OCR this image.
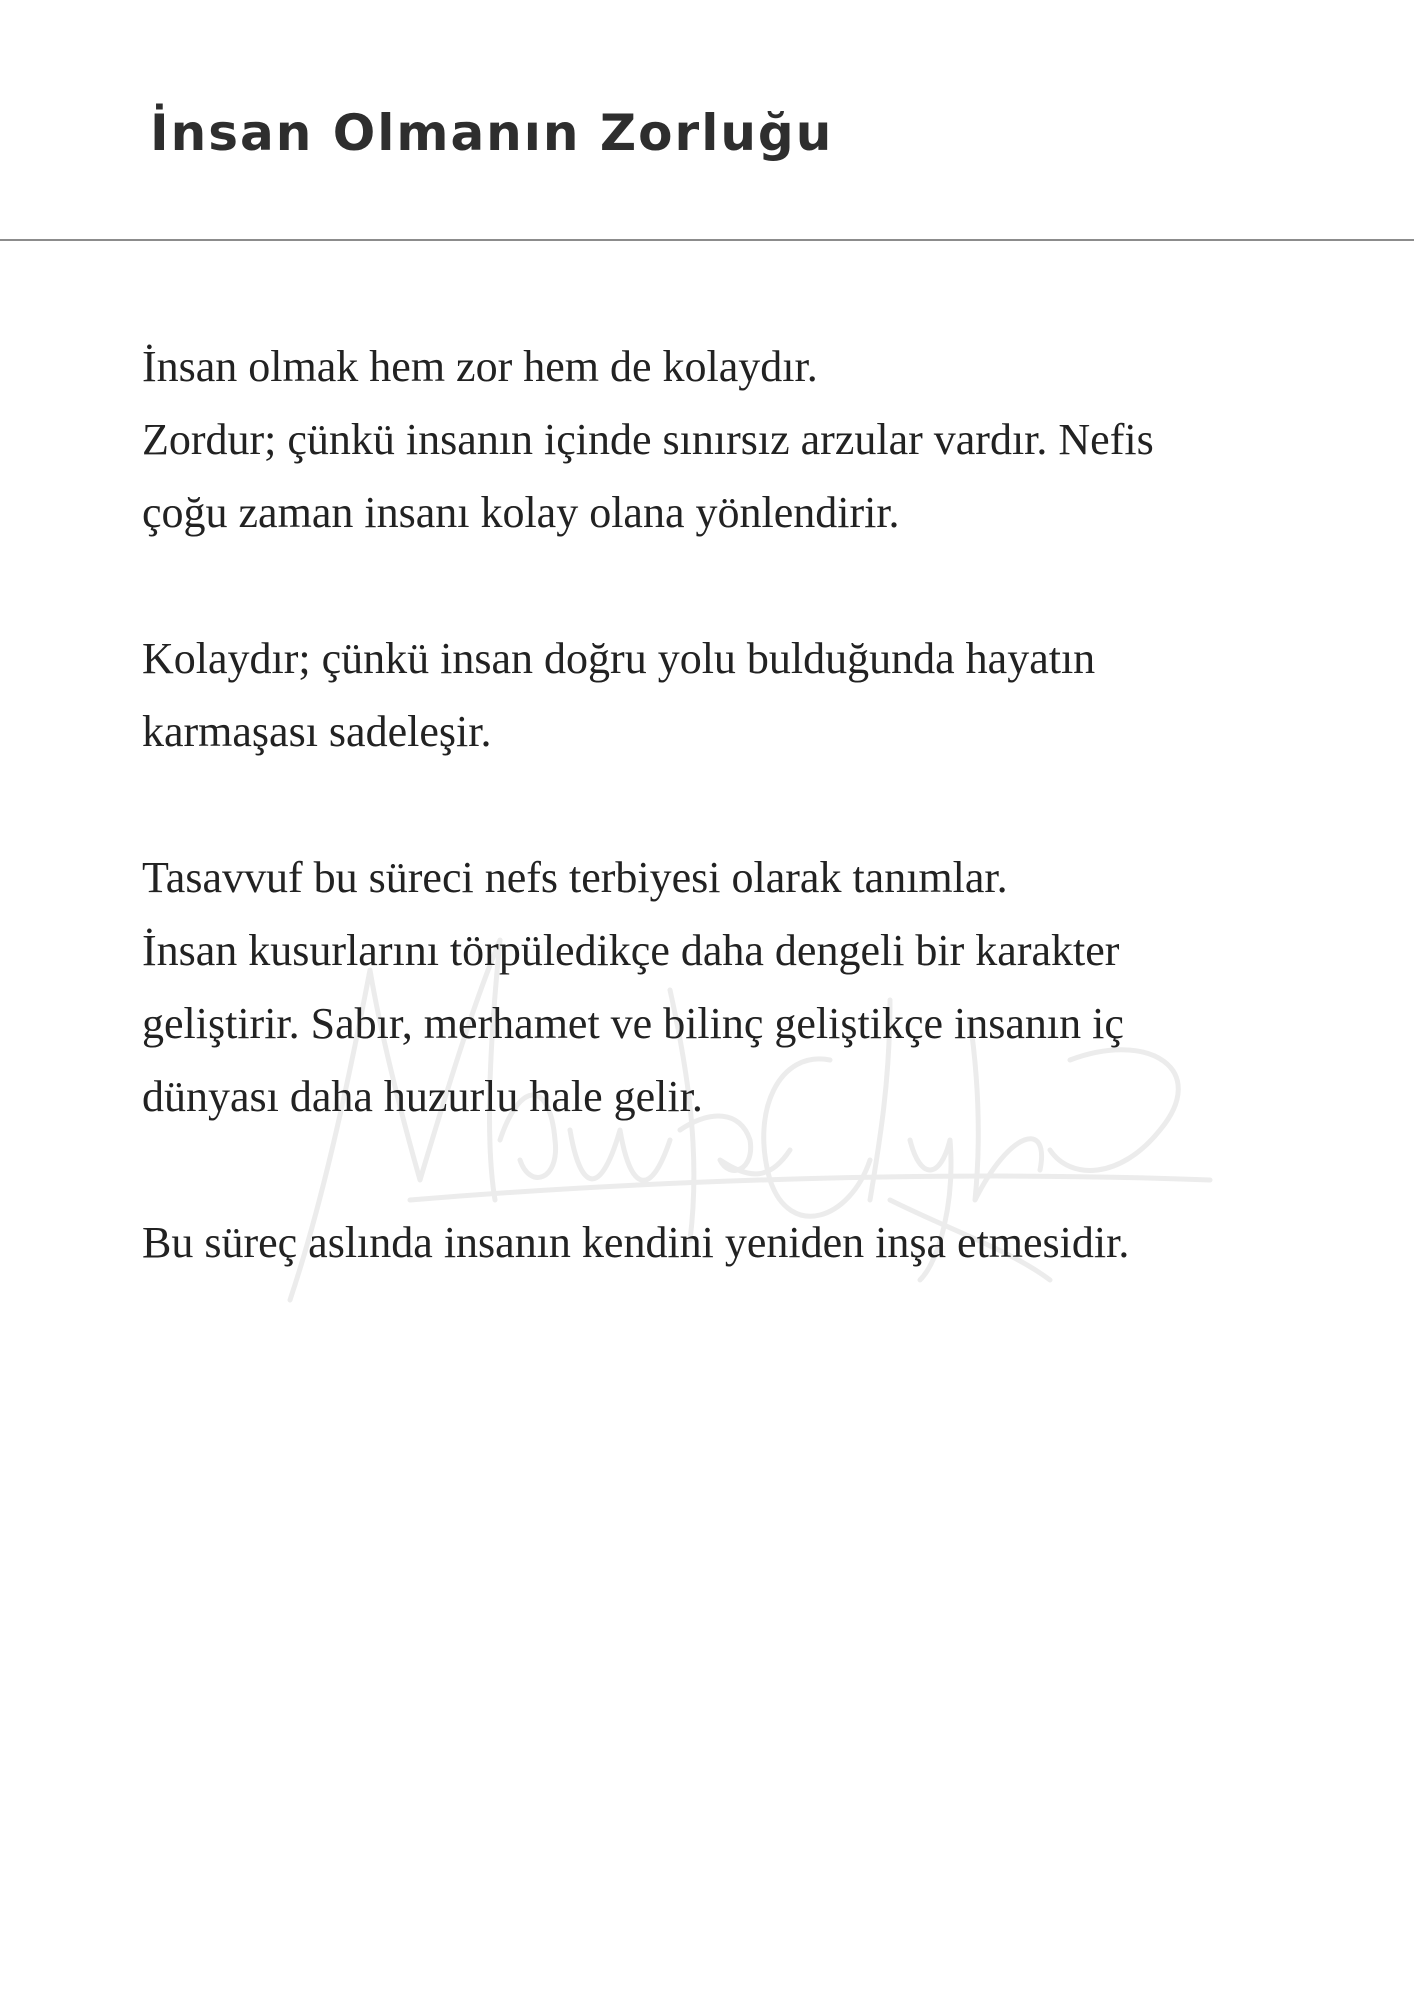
İnsan Olmanın Zorluğu

İnsan olmak hem zor hem de kolaydır.
Zordur; çünkü insanın içinde sınırsız arzular vardır. Nefis
çoğu zaman insanı kolay olana yönlendirir.

Kolaydır; çünkü insan doğru yolu bulduğunda hayatın
karmaşası sadeleşir.

Tasavvuf bu süreci nefs terbiyesi olarak tanımlar.
İnsan kusurlarını törpüledikçe daha dengeli bir karakter
geliştirir. Sabır, merhamet ve bilinç geliştikçe insanın iç
dünyası daha huzurlu hale gelir.

Bu süreç aslında insanın kendini yeniden inşa etmesidir.
